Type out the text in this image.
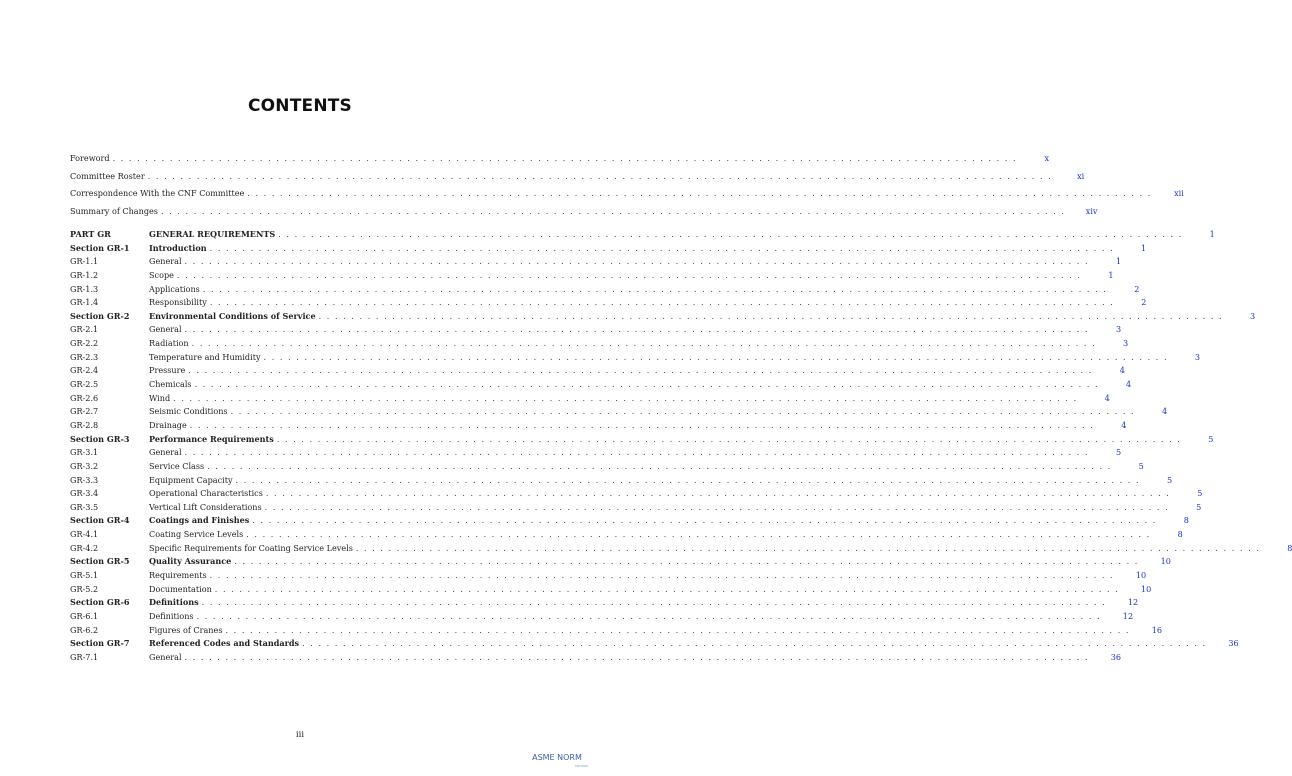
CONTENTS
Foreword . . . . . . . . . . . . . . . . . . . . . . . . . . . . . . . . . . . . . . . . . . . . . . . . . . . . . . . . . . . . . . . . . . . . . . . . . . . . . . . . . . . . . . . . . . . . . . . . . . . . . . . . . . . . . . .	x
Committee Roster . . . . . . . . . . . . . . . . . . . . . . . . . . . . . . . . . . . . . . . . . . . . . . . . . . . . . . . . . . . . . . . . . . . . . . . . . . . . . . . . . . . . . . . . . . . . . . . . . . . . . . . . . . . . . . .	xi
Correspondence With the CNF Committee . . . . . . . . . . . . . . . . . . . . . . . . . . . . . . . . . . . . . . . . . . . . . . . . . . . . . . . . . . . . . . . . . . . . . . . . . . . . . . . . . . . . . . . . . . . . . . . . . . . . . . . . . . . . . . .	xii
Summary of Changes . . . . . . . . . . . . . . . . . . . . . . . . . . . . . . . . . . . . . . . . . . . . . . . . . . . . . . . . . . . . . . . . . . . . . . . . . . . . . . . . . . . . . . . . . . . . . . . . . . . . . . . . . . . . . . .	xiv
PART GR	GENERAL REQUIREMENTS . . . . . . . . . . . . . . . . . . . . . . . . . . . . . . . . . . . . . . . . . . . . . . . . . . . . . . . . . . . . . . . . . . . . . . . . . . . . . . . . . . . . . . . . . . . . . . . . . . . . . . . . . . . . . . .	1
Section GR-1	Introduction . . . . . . . . . . . . . . . . . . . . . . . . . . . . . . . . . . . . . . . . . . . . . . . . . . . . . . . . . . . . . . . . . . . . . . . . . . . . . . . . . . . . . . . . . . . . . . . . . . . . . . . . . . . . . . .	1
GR-1.1	General . . . . . . . . . . . . . . . . . . . . . . . . . . . . . . . . . . . . . . . . . . . . . . . . . . . . . . . . . . . . . . . . . . . . . . . . . . . . . . . . . . . . . . . . . . . . . . . . . . . . . . . . . . . . . . .	1
GR-1.2	Scope . . . . . . . . . . . . . . . . . . . . . . . . . . . . . . . . . . . . . . . . . . . . . . . . . . . . . . . . . . . . . . . . . . . . . . . . . . . . . . . . . . . . . . . . . . . . . . . . . . . . . . . . . . . . . . .	1
GR-1.3	Applications . . . . . . . . . . . . . . . . . . . . . . . . . . . . . . . . . . . . . . . . . . . . . . . . . . . . . . . . . . . . . . . . . . . . . . . . . . . . . . . . . . . . . . . . . . . . . . . . . . . . . . . . . . . . . . .	2
GR-1.4	Responsibility . . . . . . . . . . . . . . . . . . . . . . . . . . . . . . . . . . . . . . . . . . . . . . . . . . . . . . . . . . . . . . . . . . . . . . . . . . . . . . . . . . . . . . . . . . . . . . . . . . . . . . . . . . . . . . .	2
Section GR-2	Environmental Conditions of Service . . . . . . . . . . . . . . . . . . . . . . . . . . . . . . . . . . . . . . . . . . . . . . . . . . . . . . . . . . . . . . . . . . . . . . . . . . . . . . . . . . . . . . . . . . . . . . . . . . . . . . . . . . . . . . .	3
GR-2.1	General . . . . . . . . . . . . . . . . . . . . . . . . . . . . . . . . . . . . . . . . . . . . . . . . . . . . . . . . . . . . . . . . . . . . . . . . . . . . . . . . . . . . . . . . . . . . . . . . . . . . . . . . . . . . . . .	3
GR-2.2	Radiation . . . . . . . . . . . . . . . . . . . . . . . . . . . . . . . . . . . . . . . . . . . . . . . . . . . . . . . . . . . . . . . . . . . . . . . . . . . . . . . . . . . . . . . . . . . . . . . . . . . . . . . . . . . . . . .	3
GR-2.3	Temperature and Humidity . . . . . . . . . . . . . . . . . . . . . . . . . . . . . . . . . . . . . . . . . . . . . . . . . . . . . . . . . . . . . . . . . . . . . . . . . . . . . . . . . . . . . . . . . . . . . . . . . . . . . . . . . . . . . . .	3
GR-2.4	Pressure . . . . . . . . . . . . . . . . . . . . . . . . . . . . . . . . . . . . . . . . . . . . . . . . . . . . . . . . . . . . . . . . . . . . . . . . . . . . . . . . . . . . . . . . . . . . . . . . . . . . . . . . . . . . . . .	4
GR-2.5	Chemicals . . . . . . . . . . . . . . . . . . . . . . . . . . . . . . . . . . . . . . . . . . . . . . . . . . . . . . . . . . . . . . . . . . . . . . . . . . . . . . . . . . . . . . . . . . . . . . . . . . . . . . . . . . . . . . .	4
GR-2.6	Wind . . . . . . . . . . . . . . . . . . . . . . . . . . . . . . . . . . . . . . . . . . . . . . . . . . . . . . . . . . . . . . . . . . . . . . . . . . . . . . . . . . . . . . . . . . . . . . . . . . . . . . . . . . . . . . .	4
GR-2.7	Seismic Conditions . . . . . . . . . . . . . . . . . . . . . . . . . . . . . . . . . . . . . . . . . . . . . . . . . . . . . . . . . . . . . . . . . . . . . . . . . . . . . . . . . . . . . . . . . . . . . . . . . . . . . . . . . . . . . . .	4
GR-2.8	Drainage . . . . . . . . . . . . . . . . . . . . . . . . . . . . . . . . . . . . . . . . . . . . . . . . . . . . . . . . . . . . . . . . . . . . . . . . . . . . . . . . . . . . . . . . . . . . . . . . . . . . . . . . . . . . . . .	4
Section GR-3	Performance Requirements . . . . . . . . . . . . . . . . . . . . . . . . . . . . . . . . . . . . . . . . . . . . . . . . . . . . . . . . . . . . . . . . . . . . . . . . . . . . . . . . . . . . . . . . . . . . . . . . . . . . . . . . . . . . . . .	5
GR-3.1	General . . . . . . . . . . . . . . . . . . . . . . . . . . . . . . . . . . . . . . . . . . . . . . . . . . . . . . . . . . . . . . . . . . . . . . . . . . . . . . . . . . . . . . . . . . . . . . . . . . . . . . . . . . . . . . .	5
GR-3.2	Service Class . . . . . . . . . . . . . . . . . . . . . . . . . . . . . . . . . . . . . . . . . . . . . . . . . . . . . . . . . . . . . . . . . . . . . . . . . . . . . . . . . . . . . . . . . . . . . . . . . . . . . . . . . . . . . . .	5
GR-3.3	Equipment Capacity . . . . . . . . . . . . . . . . . . . . . . . . . . . . . . . . . . . . . . . . . . . . . . . . . . . . . . . . . . . . . . . . . . . . . . . . . . . . . . . . . . . . . . . . . . . . . . . . . . . . . . . . . . . . . . .	5
GR-3.4	Operational Characteristics . . . . . . . . . . . . . . . . . . . . . . . . . . . . . . . . . . . . . . . . . . . . . . . . . . . . . . . . . . . . . . . . . . . . . . . . . . . . . . . . . . . . . . . . . . . . . . . . . . . . . . . . . . . . . . .	5
GR-3.5	Vertical Lift Considerations . . . . . . . . . . . . . . . . . . . . . . . . . . . . . . . . . . . . . . . . . . . . . . . . . . . . . . . . . . . . . . . . . . . . . . . . . . . . . . . . . . . . . . . . . . . . . . . . . . . . . . . . . . . . . . .	5
Section GR-4	Coatings and Finishes . . . . . . . . . . . . . . . . . . . . . . . . . . . . . . . . . . . . . . . . . . . . . . . . . . . . . . . . . . . . . . . . . . . . . . . . . . . . . . . . . . . . . . . . . . . . . . . . . . . . . . . . . . . . . . .	8
GR-4.1	Coating Service Levels . . . . . . . . . . . . . . . . . . . . . . . . . . . . . . . . . . . . . . . . . . . . . . . . . . . . . . . . . . . . . . . . . . . . . . . . . . . . . . . . . . . . . . . . . . . . . . . . . . . . . . . . . . . . . . .	8
GR-4.2	Specific Requirements for Coating Service Levels . . . . . . . . . . . . . . . . . . . . . . . . . . . . . . . . . . . . . . . . . . . . . . . . . . . . . . . . . . . . . . . . . . . . . . . . . . . . . . . . . . . . . . . . . . . . . . . . . . . . . . . . . . . . . . .	8
Section GR-5	Quality Assurance . . . . . . . . . . . . . . . . . . . . . . . . . . . . . . . . . . . . . . . . . . . . . . . . . . . . . . . . . . . . . . . . . . . . . . . . . . . . . . . . . . . . . . . . . . . . . . . . . . . . . . . . . . . . . . .	10
GR-5.1	Requirements . . . . . . . . . . . . . . . . . . . . . . . . . . . . . . . . . . . . . . . . . . . . . . . . . . . . . . . . . . . . . . . . . . . . . . . . . . . . . . . . . . . . . . . . . . . . . . . . . . . . . . . . . . . . . . .	10
GR-5.2	Documentation . . . . . . . . . . . . . . . . . . . . . . . . . . . . . . . . . . . . . . . . . . . . . . . . . . . . . . . . . . . . . . . . . . . . . . . . . . . . . . . . . . . . . . . . . . . . . . . . . . . . . . . . . . . . . . .	10
Section GR-6	Definitions . . . . . . . . . . . . . . . . . . . . . . . . . . . . . . . . . . . . . . . . . . . . . . . . . . . . . . . . . . . . . . . . . . . . . . . . . . . . . . . . . . . . . . . . . . . . . . . . . . . . . . . . . . . . . . .	12
GR-6.1	Definitions . . . . . . . . . . . . . . . . . . . . . . . . . . . . . . . . . . . . . . . . . . . . . . . . . . . . . . . . . . . . . . . . . . . . . . . . . . . . . . . . . . . . . . . . . . . . . . . . . . . . . . . . . . . . . . .	12
GR-6.2	Figures of Cranes . . . . . . . . . . . . . . . . . . . . . . . . . . . . . . . . . . . . . . . . . . . . . . . . . . . . . . . . . . . . . . . . . . . . . . . . . . . . . . . . . . . . . . . . . . . . . . . . . . . . . . . . . . . . . . .	16
Section GR-7	Referenced Codes and Standards . . . . . . . . . . . . . . . . . . . . . . . . . . . . . . . . . . . . . . . . . . . . . . . . . . . . . . . . . . . . . . . . . . . . . . . . . . . . . . . . . . . . . . . . . . . . . . . . . . . . . . . . . . . . . . .	36
GR-7.1	General . . . . . . . . . . . . . . . . . . . . . . . . . . . . . . . . . . . . . . . . . . . . . . . . . . . . . . . . . . . . . . . . . . . . . . . . . . . . . . . . . . . . . . . . . . . . . . . . . . . . . . . . . . . . . . .	36
iii
ASME NORM
normas
